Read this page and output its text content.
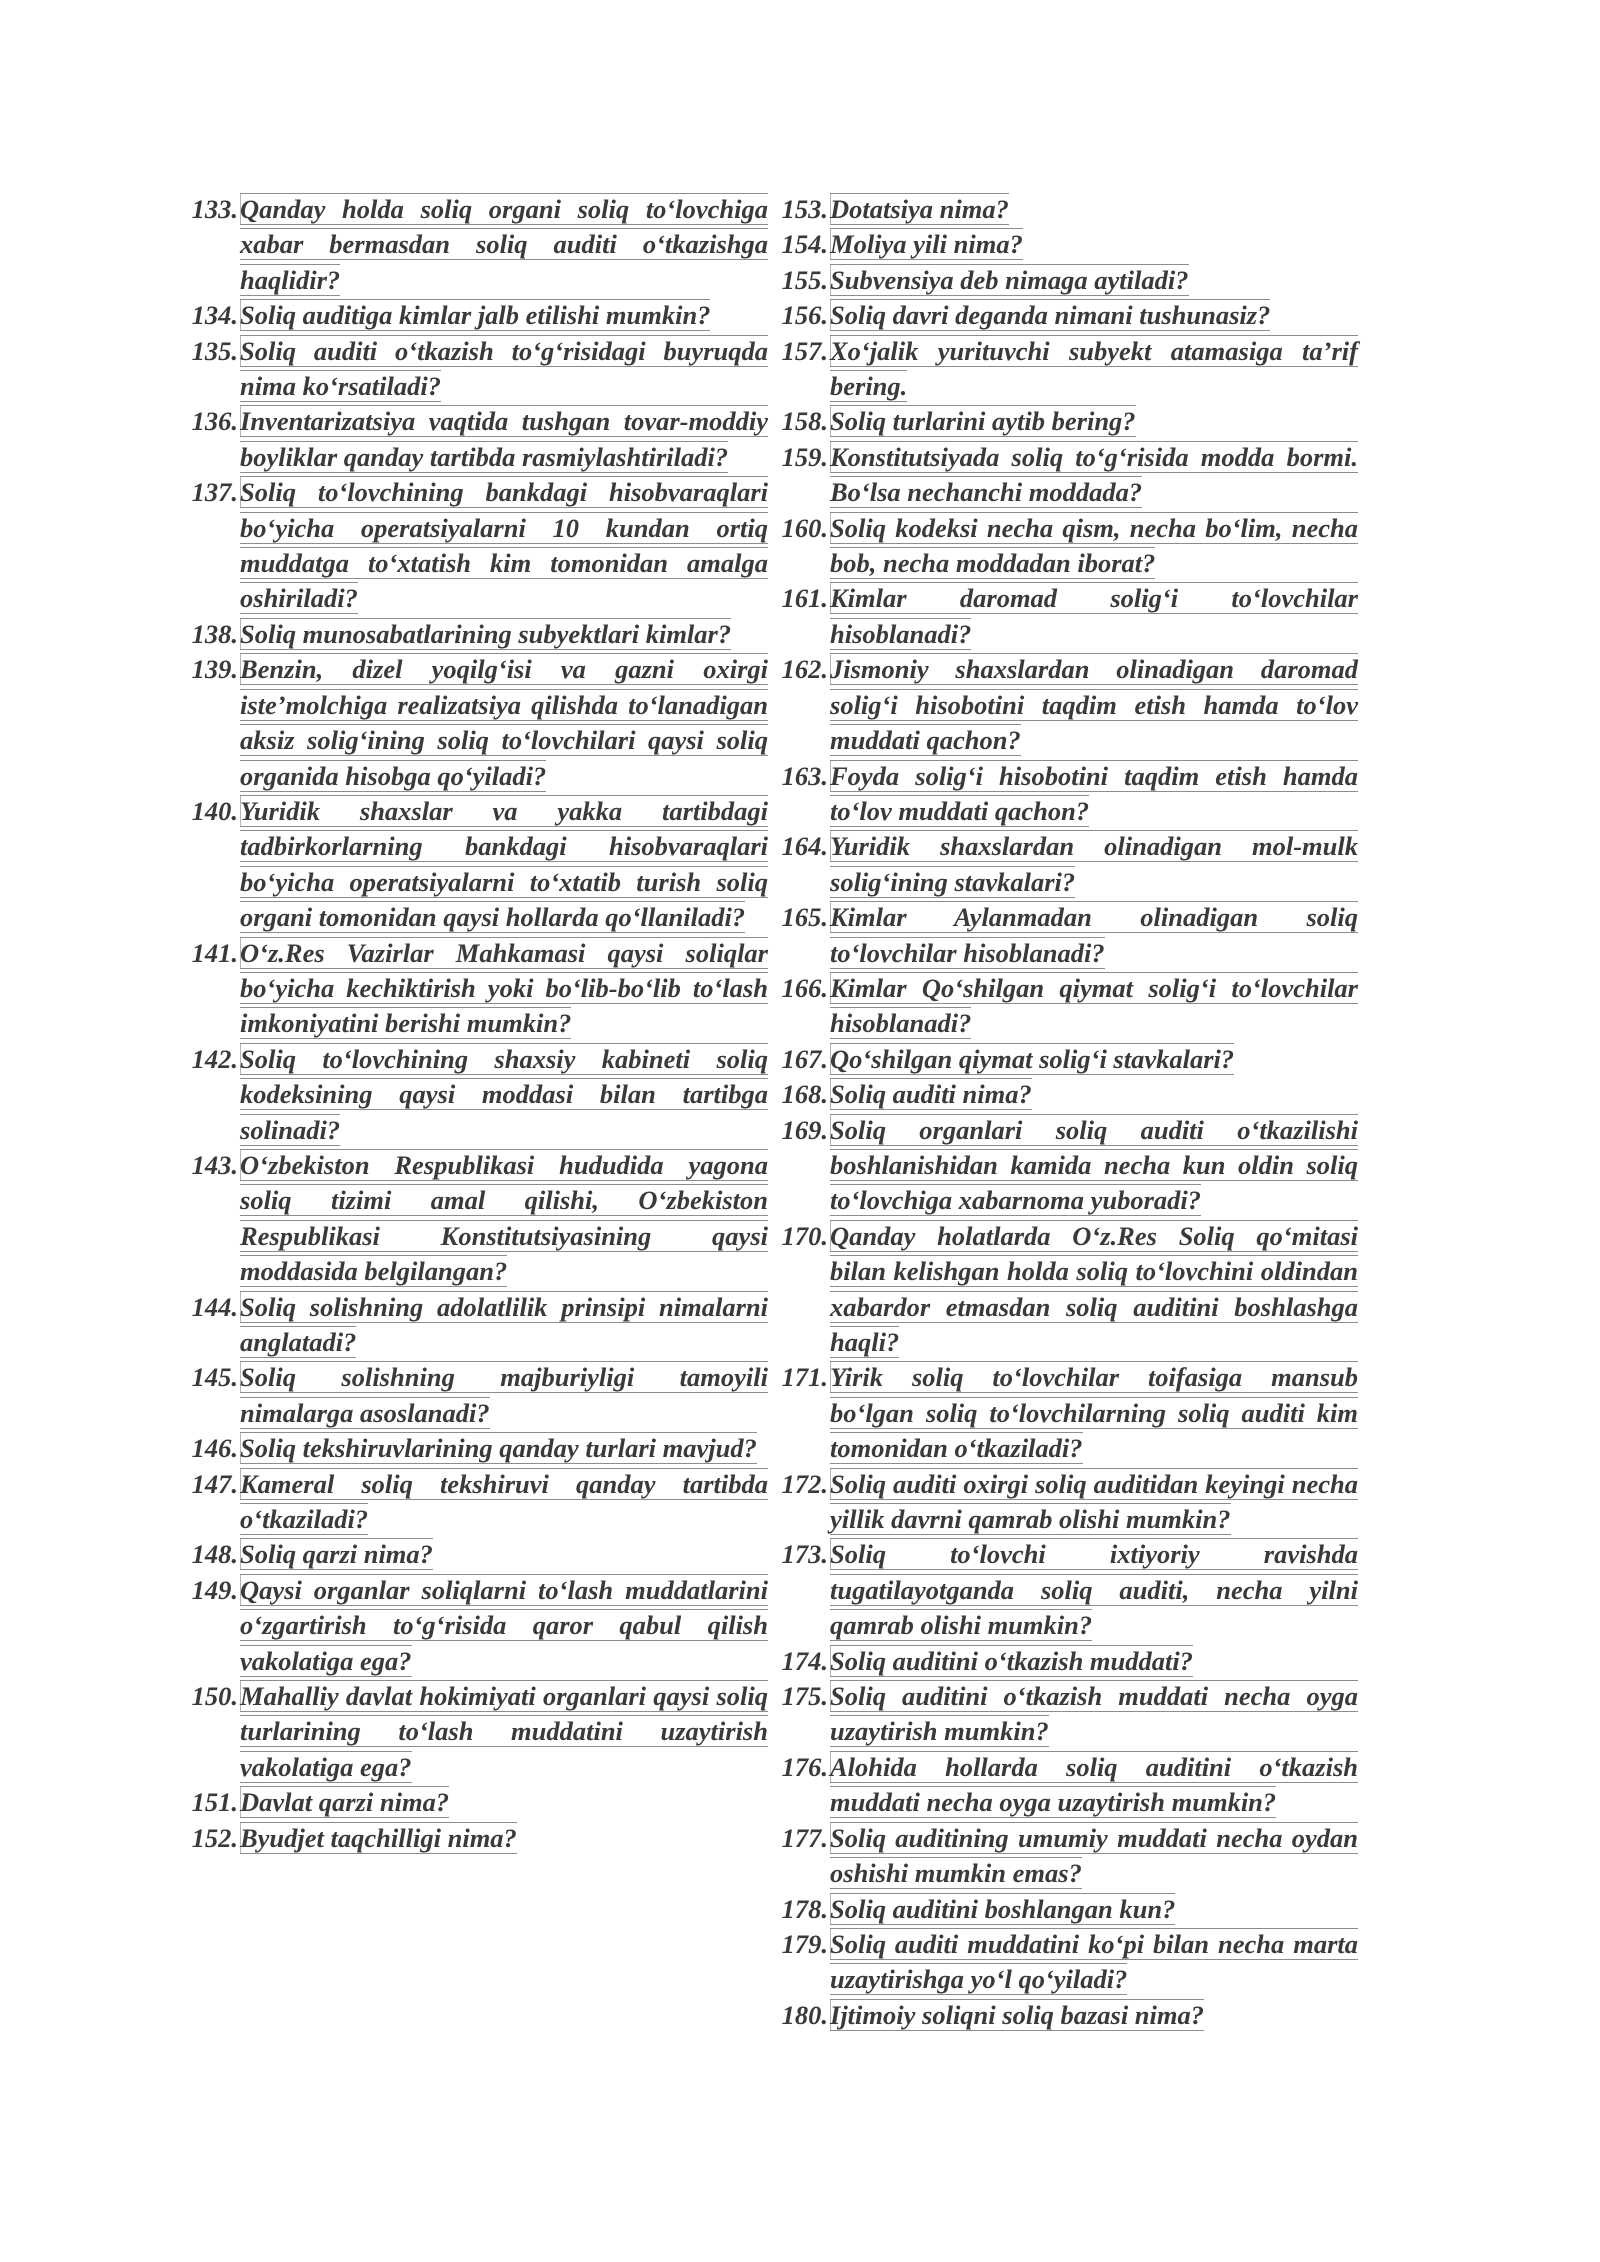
133. Qanday holda soliq organi soliq to‘lovchiga xabar bermasdan soliq auditi o‘tkazishga haqlidir?
134. Soliq auditiga kimlar jalb etilishi mumkin?
135. Soliq auditi o‘tkazish to‘g‘risidagi buyruqda nima ko‘rsatiladi?
136. Inventarizatsiya vaqtida tushgan tovar-moddiy boyliklar qanday tartibda rasmiylashtiriladi?
137. Soliq to‘lovchining bankdagi hisobvaraqlari bo‘yicha operatsiyalarni 10 kundan ortiq muddatga to‘xtatish kim tomonidan amalga oshiriladi?
138. Soliq munosabatlarining subyektlari kimlar?
139. Benzin, dizel yoqilg‘isi va gazni oxirgi iste’molchiga realizatsiya qilishda to‘lanadigan aksiz solig‘ining soliq to‘lovchilari qaysi soliq organida hisobga qo‘yiladi?
140. Yuridik shaxslar va yakka tartibdagi tadbirkorlarning bankdagi hisobvaraqlari bo‘yicha operatsiyalarni to‘xtatib turish soliq organi tomonidan qaysi hollarda qo‘llaniladi?
141. O‘z.Res Vazirlar Mahkamasi qaysi soliqlar bo‘yicha kechiktirish yoki bo‘lib-bo‘lib to‘lash imkoniyatini berishi mumkin?
142. Soliq to‘lovchining shaxsiy kabineti soliq kodeksining qaysi moddasi bilan tartibga solinadi?
143. O‘zbekiston Respublikasi hududida yagona soliq tizimi amal qilishi, O‘zbekiston Respublikasi Konstitutsiyasining qaysi moddasida belgilangan?
144. Soliq solishning adolatlilik prinsipi nimalarni anglatadi?
145. Soliq solishning majburiyligi tamoyili nimalarga asoslanadi?
146. Soliq tekshiruvlarining qanday turlari mavjud?
147. Kameral soliq tekshiruvi qanday tartibda o‘tkaziladi?
148. Soliq qarzi nima?
149. Qaysi organlar soliqlarni to‘lash muddatlarini o‘zgartirish to‘g‘risida qaror qabul qilish vakolatiga ega?
150. Mahalliy davlat hokimiyati organlari qaysi soliq turlarining to‘lash muddatini uzaytirish vakolatiga ega?
151. Davlat qarzi nima?
152. Byudjet taqchilligi nima?
153. Dotatsiya nima?
154. Moliya yili nima?
155. Subvensiya deb nimaga aytiladi?
156. Soliq davri deganda nimani tushunasiz?
157. Xo‘jalik yurituvchi subyekt atamasiga ta’rif bering.
158. Soliq turlarini aytib bering?
159. Konstitutsiyada soliq to‘g‘risida modda bormi. Bo‘lsa nechanchi moddada?
160. Soliq kodeksi necha qism, necha bo‘lim, necha bob, necha moddadan iborat?
161. Kimlar daromad solig‘i to‘lovchilar hisoblanadi?
162. Jismoniy shaxslardan olinadigan daromad solig‘i hisobotini taqdim etish hamda to‘lov muddati qachon?
163. Foyda solig‘i hisobotini taqdim etish hamda to‘lov muddati qachon?
164. Yuridik shaxslardan olinadigan mol-mulk solig‘ining stavkalari?
165. Kimlar Aylanmadan olinadigan soliq to‘lovchilar hisoblanadi?
166. Kimlar Qo‘shilgan qiymat solig‘i to‘lovchilar hisoblanadi?
167. Qo‘shilgan qiymat solig‘i stavkalari?
168. Soliq auditi nima?
169. Soliq organlari soliq auditi o‘tkazilishi boshlanishidan kamida necha kun oldin soliq to‘lovchiga xabarnoma yuboradi?
170. Qanday holatlarda O‘z.Res Soliq qo‘mitasi bilan kelishgan holda soliq to‘lovchini oldindan xabardor etmasdan soliq auditini boshlashga haqli?
171. Yirik soliq to‘lovchilar toifasiga mansub bo‘lgan soliq to‘lovchilarning soliq auditi kim tomonidan o‘tkaziladi?
172. Soliq auditi oxirgi soliq auditidan keyingi necha yillik davrni qamrab olishi mumkin?
173. Soliq to‘lovchi ixtiyoriy ravishda tugatilayotganda soliq auditi, necha yilni qamrab olishi mumkin?
174. Soliq auditini o‘tkazish muddati?
175. Soliq auditini o‘tkazish muddati necha oyga uzaytirish mumkin?
176. Alohida hollarda soliq auditini o‘tkazish muddati necha oyga uzaytirish mumkin?
177. Soliq auditining umumiy muddati necha oydan oshishi mumkin emas?
178. Soliq auditini boshlangan kun?
179. Soliq auditi muddatini ko‘pi bilan necha marta uzaytirishga yo‘l qo‘yiladi?
180. Ijtimoiy soliqni soliq bazasi nima?
